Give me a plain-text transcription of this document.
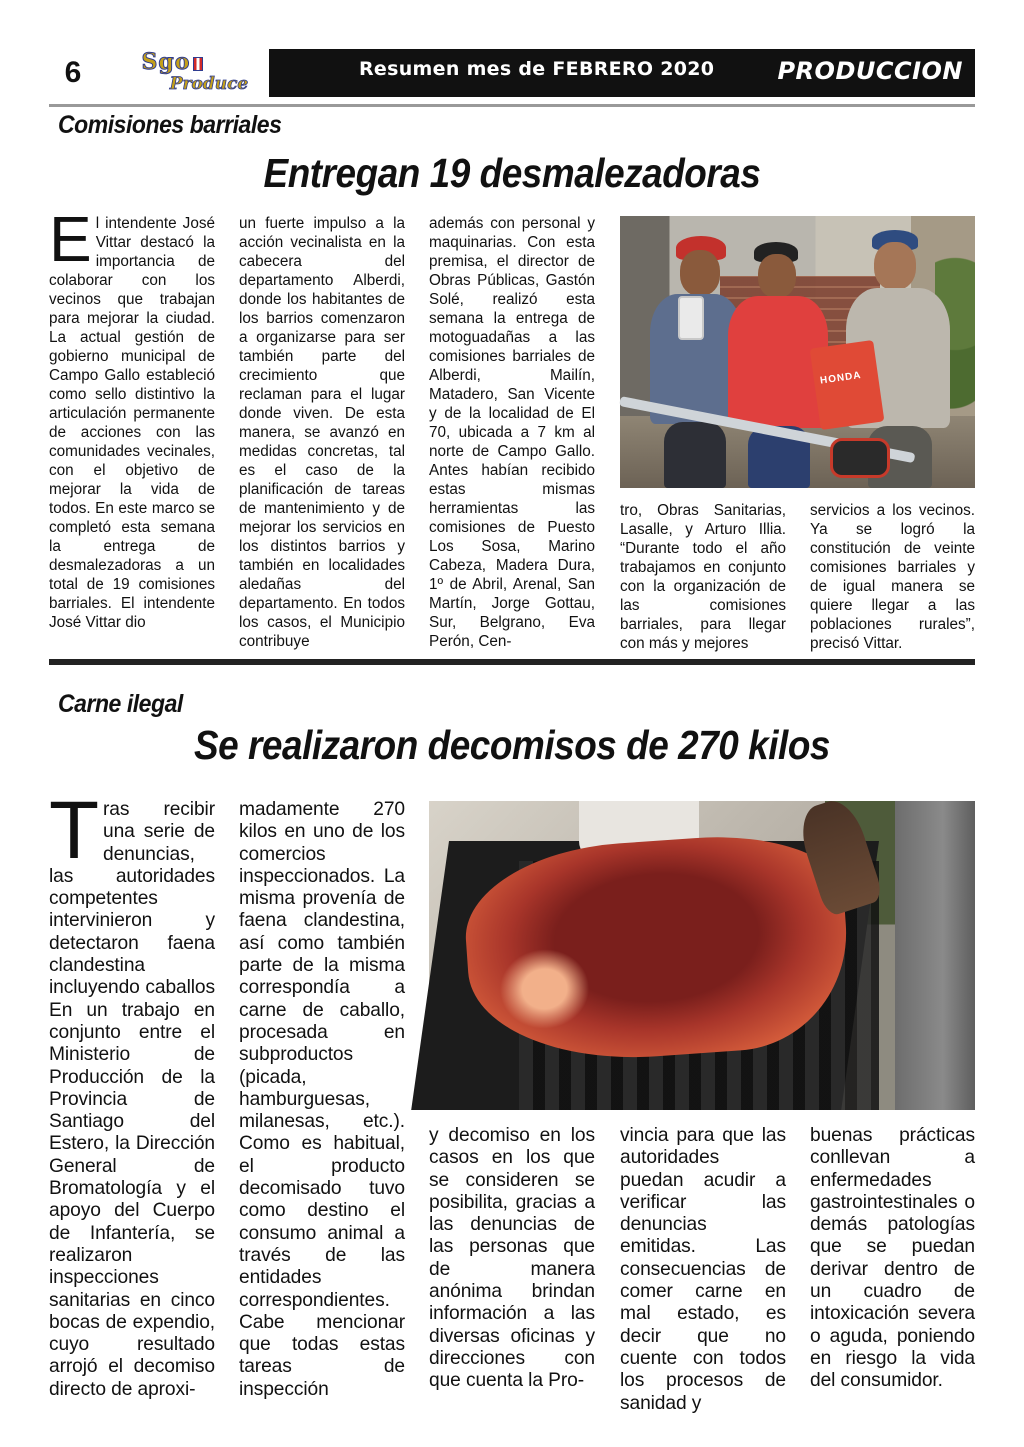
6	Sgo
Produce
Resumen mes de FEBRERO 2020	PRODUCCION
Comisiones barriales
Entregan 19 desmalezadoras
El intendente José Vittar destacó la importancia de colaborar con los vecinos que trabajan para mejorar la ciudad. La actual gestión de gobierno municipal de Campo Gallo estableció como sello distintivo la articulación permanente de acciones con las comunidades vecinales, con el objetivo de mejorar la vida de todos. En este marco se completó esta semana la entrega de desmalezadoras a un total de 19 comisiones barriales. El intendente José Vittar dio
un fuerte impulso a la acción vecinalista en la cabecera del departamento Alberdi, donde los habitantes de los barrios comenzaron a organizarse para ser también parte del crecimiento que reclaman para el lugar donde viven. De esta manera, se avanzó en medidas concretas, tal es el caso de la planificación de tareas de mantenimiento y de mejorar los servicios en los distintos barrios y también en localidades aledañas del departamento. En todos los casos, el Municipio contribuye
además con personal y maquinarias. Con esta premisa, el director de Obras Públicas, Gastón Solé, realizó esta semana la entrega de motoguadañas a las comisiones barriales de Alberdi, Mailín, Matadero, San Vicente y de la localidad de El 70, ubicada a 7 km al norte de Campo Gallo. Antes habían recibido estas mismas herramientas las comisiones de Puesto Los Sosa, Marino Cabeza, Madera Dura, 1º de Abril, Arenal, San Martín, Jorge Gottau, Sur, Belgrano, Eva Perón, Cen-
tro, Obras Sanitarias, Lasalle, y Arturo Illia. “Durante todo el año trabajamos en conjunto con la organización de las comisiones barriales, para llegar con más y mejores
servicios a los vecinos. Ya se logró la constitución de veinte comisiones barriales y de igual manera se quiere llegar a las poblaciones rurales”, precisó Vittar.
HONDA
Carne ilegal
Se realizaron decomisos de 270 kilos
Tras recibir una serie de denuncias, las autoridades competentes intervinieron y detectaron faena clandestina incluyendo caballos En un trabajo en conjunto entre el Ministerio de Producción de la Provincia de Santiago del Estero, la Dirección General de Bromatología y el apoyo del Cuerpo de Infantería, se realizaron inspecciones sanitarias en cinco bocas de expendio, cuyo resultado arrojó el decomiso directo de aproxi-
madamente 270 kilos en uno de los comercios inspeccionados. La misma provenía de faena clandestina, así como también parte de la misma correspondía a carne de caballo, procesada en subproductos (picada, hamburguesas, milanesas, etc.). Como es habitual, el producto decomisado tuvo como destino el consumo animal a través de las entidades correspondientes. Cabe mencionar que todas estas tareas de inspección
y decomiso en los casos en los que se consideren se posibilita, gracias a las denuncias de las personas que de manera anónima brindan información a las diversas oficinas y direcciones con que cuenta la Pro-
vincia para que las autoridades puedan acudir a verificar las denuncias emitidas. Las consecuencias de comer carne en mal estado, es decir que no cuente con todos los procesos de sanidad y
buenas prácticas conllevan a enfermedades gastrointestinales o demás patologías que se puedan derivar dentro de un cuadro de intoxicación severa o aguda, poniendo en riesgo la vida del consumidor.
